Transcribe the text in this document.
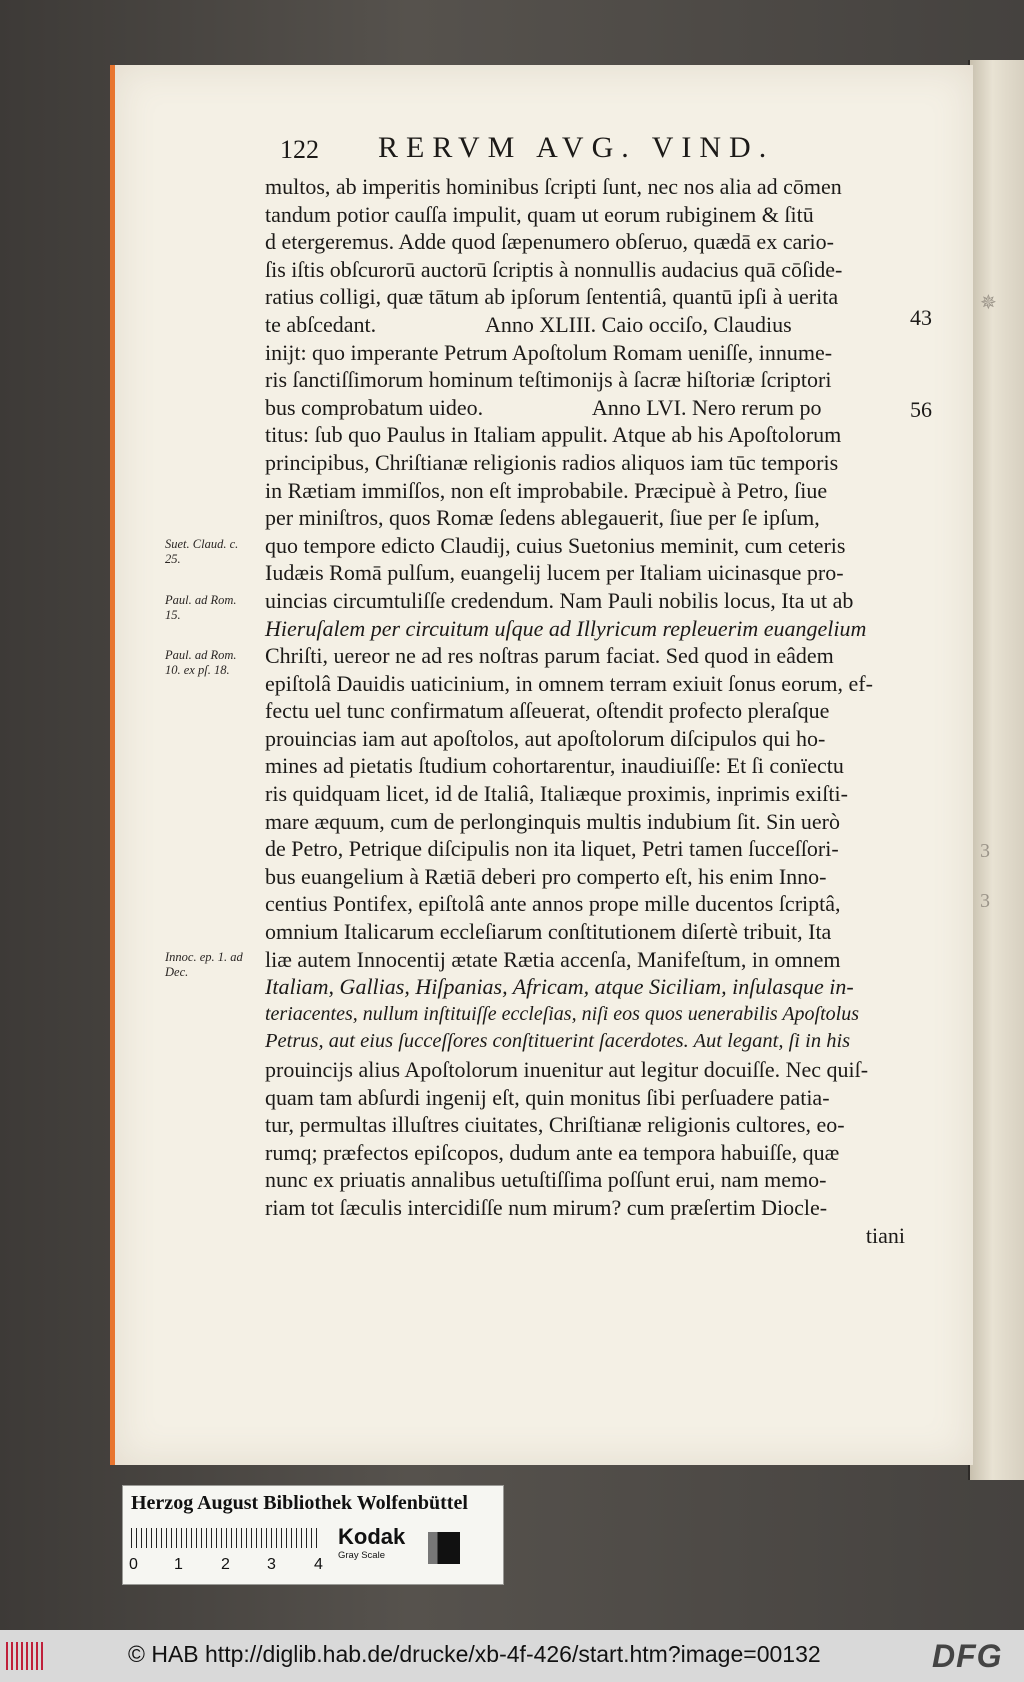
✵
3
3
122 RERVM AVG. VIND.
multos, ab imperitis hominibus ſcripti ſunt, nec nos alia ad cōmen
tandum potior cauſſa impulit, quam ut eorum rubiginem & ſitū
d etergeremus. Adde quod ſæpenumero obſeruo, quædā ex cario-
ſis iſtis obſcurorū auctorū ſcriptis à nonnullis audacius quā cōſide-
ratius colligi, quæ tātum ab ipſorum ſententiâ, quantū ipſi à uerita
te abſcedant.                    Anno XLIII. Caio occiſo, Claudius
inijt: quo imperante Petrum Apoſtolum Romam ueniſſe, innume-
ris ſanctiſſimorum hominum teſtimonijs à ſacræ hiſtoriæ ſcriptori
bus comprobatum uideo.                    Anno LVI. Nero rerum po
titus: ſub quo Paulus in Italiam appulit. Atque ab his Apoſtolorum
principibus, Chriſtianæ religionis radios aliquos iam tūc temporis
in Rætiam immiſſos, non eſt improbabile. Præcipuè à Petro, ſiue
per miniſtros, quos Romæ ſedens ablegauerit, ſiue per ſe ipſum,
quo tempore edicto Claudij, cuius Suetonius meminit, cum ceteris
Iudæis Romā pulſum, euangelij lucem per Italiam uicinasque pro-
uincias circumtuliſſe credendum. Nam Pauli nobilis locus, Ita ut ab
Hieruſalem per circuitum uſque ad Illyricum repleuerim euangelium
Chriſti, uereor ne ad res noſtras parum faciat. Sed quod in eâdem
epiſtolâ Dauidis uaticinium, in omnem terram exiuit ſonus eorum, ef-
fectu uel tunc confirmatum aſſeuerat, oſtendit profecto pleraſque
prouincias iam aut apoſtolos, aut apoſtolorum diſcipulos qui ho-
mines ad pietatis ſtudium cohortarentur, inaudiuiſſe: Et ſi conïectu
ris quidquam licet, id de Italiâ, Italiæque proximis, inprimis exiſti-
mare æquum, cum de perlonginquis multis indubium ſit. Sin uerò
de Petro, Petrique diſcipulis non ita liquet, Petri tamen ſucceſſori-
bus euangelium à Rætiā deberi pro comperto eſt, his enim Inno-
centius Pontifex, epiſtolâ ante annos prope mille ducentos ſcriptâ,
omnium Italicarum eccleſiarum conſtitutionem diſertè tribuit, Ita
liæ autem Innocentij ætate Rætia accenſa, Manifeſtum, in omnem
Italiam, Gallias, Hiſpanias, Africam, atque Siciliam, inſulasque in-
teriacentes, nullum inſtituiſſe eccleſias, niſi eos quos uenerabilis Apoſtolus
Petrus, aut eius ſucceſſores conſtituerint ſacerdotes. Aut legant, ſi in his
prouincijs alius Apoſtolorum inuenitur aut legitur docuiſſe. Nec quiſ-
quam tam abſurdi ingenij eſt, quin monitus ſibi perſuadere patia-
tur, permultas illuſtres ciuitates, Chriſtianæ religionis cultores, eo-
rumq; præfectos epiſcopos, dudum ante ea tempora habuiſſe, quæ
nunc ex priuatis annalibus uetuſtiſſima poſſunt erui, nam memo-
riam tot ſæculis intercidiſſe num mirum? cum præſertim Diocle-
tiani
Suet. Claud. c. 25.
Paul. ad Rom. 15.
Paul. ad Rom. 10. ex pſ. 18.
Innoc. ep. 1. ad Dec.
43
56
Herzog August Bibliothek Wolfenbüttel
0 1 2 3 4
Kodak
Gray Scale
© HAB http://diglib.hab.de/drucke/xb-4f-426/start.htm?image=00132	DFG
